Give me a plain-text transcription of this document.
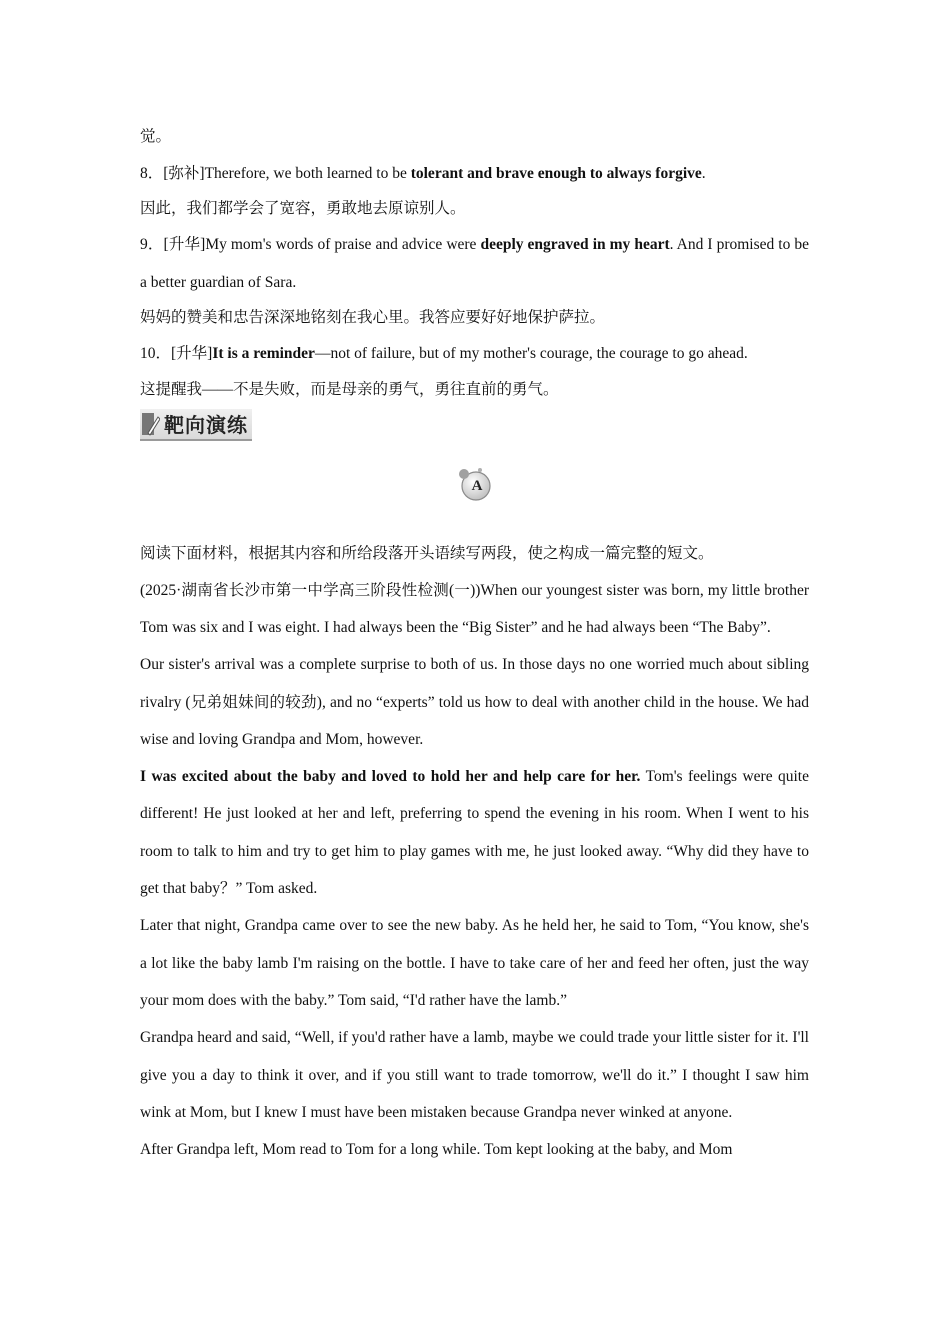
觉。

8．[弥补]Therefore, we both learned to be tolerant and brave enough to always forgive.

因此，我们都学会了宽容，勇敢地去原谅别人。

9．[升华]My mom's words of praise and advice were deeply engraved in my heart. And I promised to be a better guardian of Sara.

妈妈的赞美和忠告深深地铭刻在我心里。我答应要好好地保护萨拉。

10．[升华]It is a reminder—not of failure, but of my mother's courage, the courage to go ahead.

这提醒我——不是失败，而是母亲的勇气，勇往直前的勇气。

靶向演练
A

阅读下面材料，根据其内容和所给段落开头语续写两段，使之构成一篇完整的短文。

(2025·湖南省长沙市第一中学高三阶段性检测(一))When our youngest sister was born, my little brother Tom was six and I was eight. I had always been the “Big Sister” and he had always been “The Baby”.

Our sister's arrival was a complete surprise to both of us. In those days no one worried much about sibling rivalry (兄弟姐妹间的较劲), and no “experts” told us how to deal with another child in the house. We had wise and loving Grandpa and Mom, however.

I was excited about the baby and loved to hold her and help care for her. Tom's feelings were quite different! He just looked at her and left, preferring to spend the evening in his room. When I went to his room to talk to him and try to get him to play games with me, he just looked away. “Why did they have to get that baby？” Tom asked.

Later that night, Grandpa came over to see the new baby. As he held her, he said to Tom, “You know, she's a lot like the baby lamb I'm raising on the bottle. I have to take care of her and feed her often, just the way your mom does with the baby.” Tom said, “I'd rather have the lamb.”

Grandpa heard and said, “Well, if you'd rather have a lamb, maybe we could trade your little sister for it. I'll give you a day to think it over, and if you still want to trade tomorrow, we'll do it.” I thought I saw him wink at Mom, but I knew I must have been mistaken because Grandpa never winked at anyone.

After Grandpa left, Mom read to Tom for a long while. Tom kept looking at the baby, and Mom
